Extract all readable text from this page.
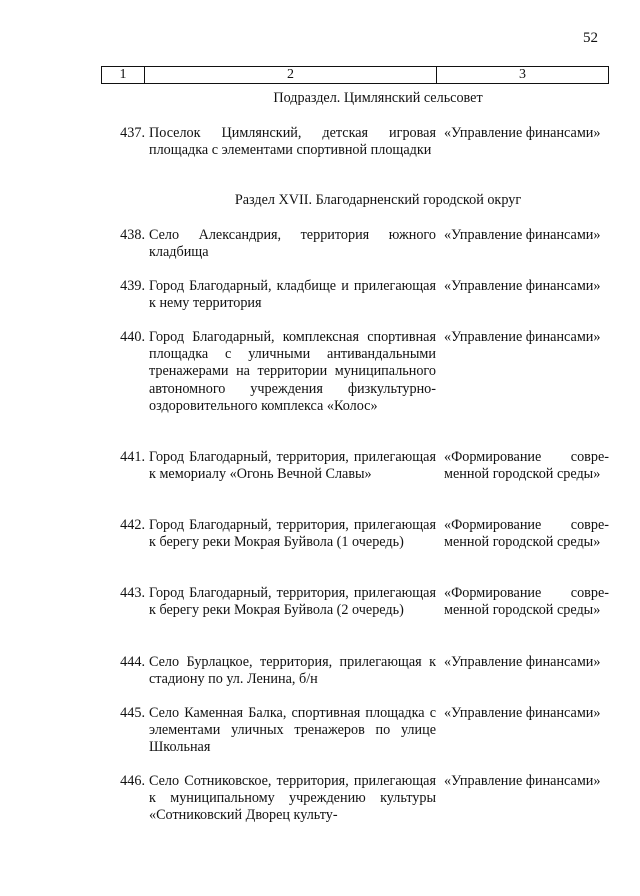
52
1	2	3
Подраздел. Цимлянский сельсовет
437. Поселок Цимлянский, детская игровая площадка с элементами спортивной площадки
«Управление финансами»
Раздел XVII. Благодарненский городской округ
438. Село Александрия, территория южного кладбища
«Управление финансами»
439. Город Благодарный, кладбище и прилегающая к нему территория
«Управление финансами»
440. Город Благодарный, комплексная спортивная площадка с уличными антивандальными тренажерами на территории муниципального автономного учреждения физкультурно-оздоровительного комплекса «Колос»
«Управление финансами»
441. Город Благодарный, территория, прилегающая к мемориалу «Огонь Вечной Славы»
«Формирование современной городской среды»
442. Город Благодарный, территория, прилегающая к берегу реки Мокрая Буйвола (1 очередь)
«Формирование современной городской среды»
443. Город Благодарный, территория, прилегающая к берегу реки Мокрая Буйвола (2 очередь)
«Формирование современной городской среды»
444. Село Бурлацкое, территория, прилегающая к стадиону по ул. Ленина, б/н
«Управление финансами»
445. Село Каменная Балка, спортивная площадка с элементами уличных тренажеров по улице Школьная
«Управление финансами»
446. Село Сотниковское, территория, прилегающая к муниципальному учреждению культуры «Сотниковский Дворец культу-
«Управление финансами»
